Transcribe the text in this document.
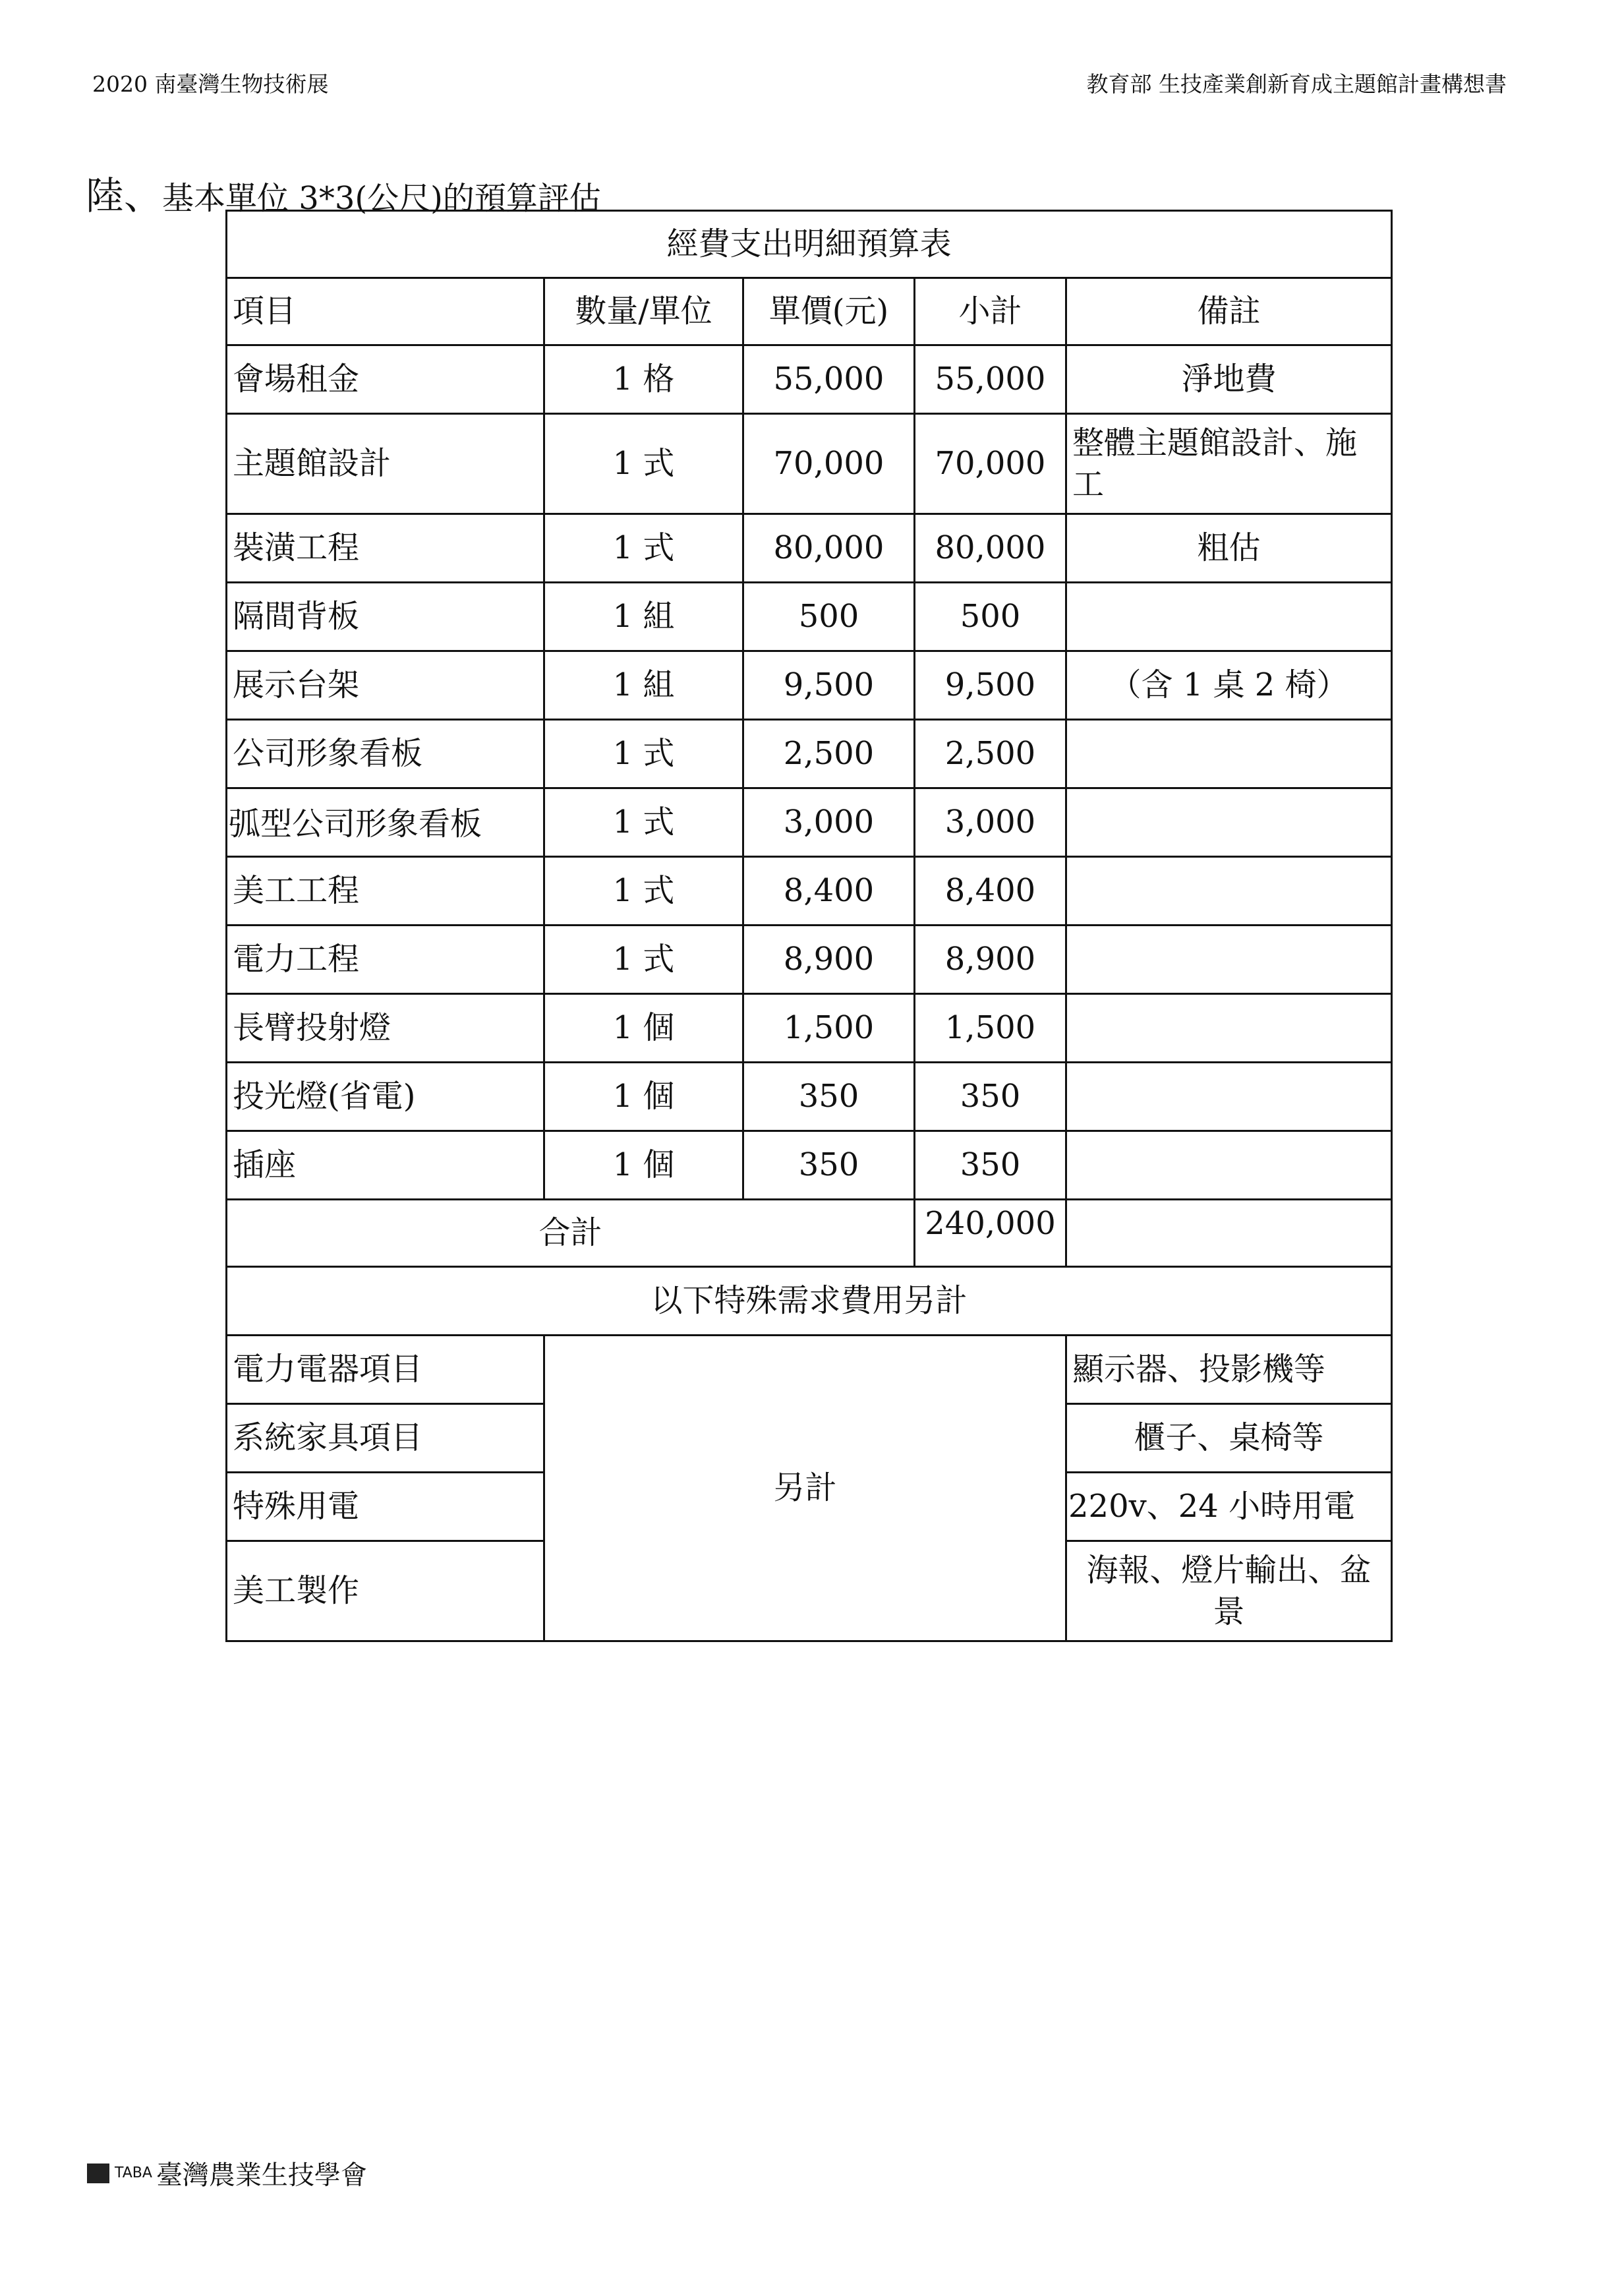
2020 南臺灣生物技術展	教育部 生技產業創新育成主題館計畫構想書
陸、基本單位 3*3(公尺)的預算評估
經費支出明細預算表				
項目	數量/單位	單價(元)	小計	備註
會場租金	1 格	55,000	55,000	淨地費
主題館設計	1 式	70,000	70,000	整體主題館設計、施工
裝潢工程	1 式	80,000	80,000	粗估
隔間背板	1 組	500	500	
展示台架	1 組	9,500	9,500	（含 1 桌 2 椅）
公司形象看板	1 式	2,500	2,500	
弧型公司形象看板	1 式	3,000	3,000	
美工工程	1 式	8,400	8,400	
電力工程	1 式	8,900	8,900	
長臂投射燈	1 個	1,500	1,500	
投光燈(省電)	1 個	350	350	
插座	1 個	350	350	
合計			240,000	
以下特殊需求費用另計				
電力電器項目	另計			顯示器、投影機等
系統家具項目				櫃子、桌椅等
特殊用電				220v、24 小時用電
美工製作				海報、燈片輸出、盆景
TABA 臺灣農業生技學會
